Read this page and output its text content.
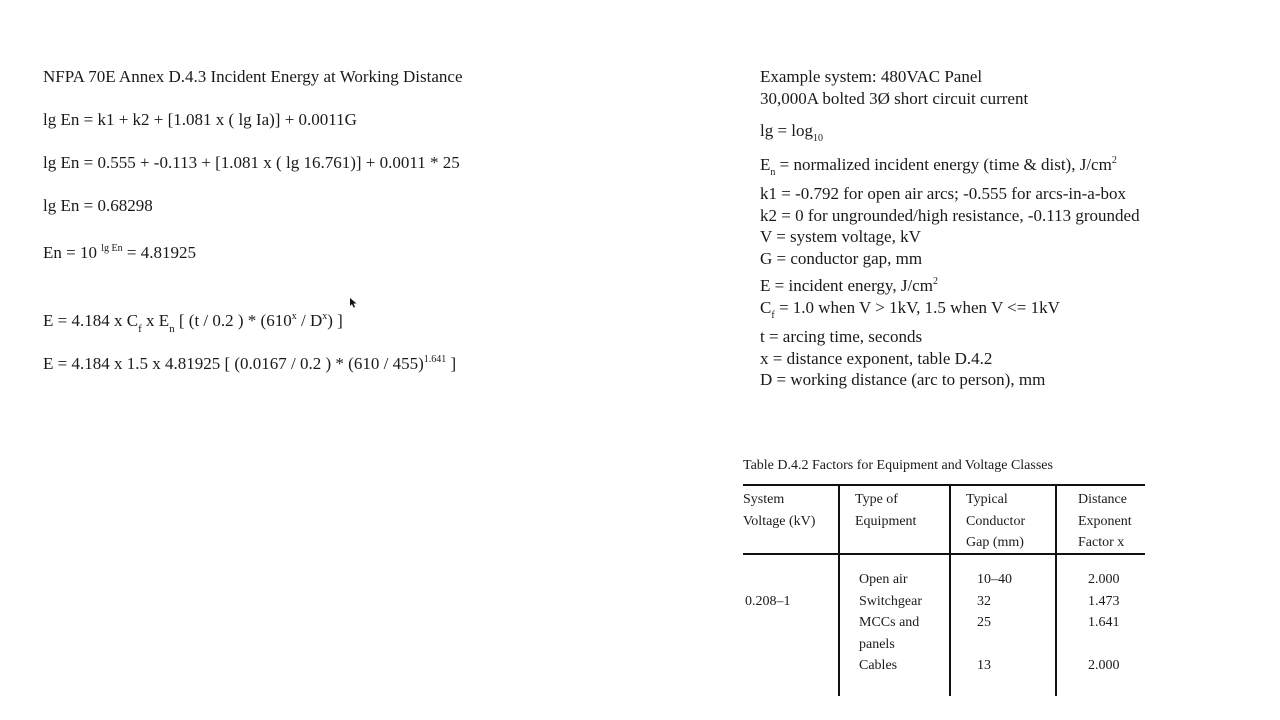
NFPA 70E Annex D.4.3 Incident Energy at Working Distance
lg En = k1 + k2 + [1.081 x ( lg Ia)] + 0.0011G
lg En = 0.555 + -0.113 + [1.081 x ( lg 16.761)] + 0.0011 * 25
lg En = 0.68298
En = 10 $^{lg En}$ = 4.81925
E = 4.184 x $C_f$ x $E_n$ [ (t / 0.2 ) * $(610^x / D^x)$ ]
E = 4.184 x 1.5 x 4.81925 [ (0.0167 / 0.2 ) * (610 / 455)$^{1.641}$ ]
Example system: 480VAC Panel
30,000A bolted 3Ø short circuit current
$\lg = \log_{10}$
$E_n$ = normalized incident energy (time & dist), $J/cm^2$
k1 = -0.792 for open air arcs; -0.555 for arcs-in-a-box
k2 = 0 for ungrounded/high resistance, -0.113 grounded
V = system voltage, kV
G = conductor gap, mm
E = incident energy, $J/cm^2$
$C_f = 1.0$ when V > 1kV, 1.5 when V <= 1kV
t = arcing time, seconds
x = distance exponent, table D.4.2
D = working distance (arc to person), mm
Table D.4.2 Factors for Equipment and Voltage Classes
System
Voltage (kV)
Type of
Equipment
Typical
Conductor
Gap (mm)
Distance
Exponent
Factor x
0.208–1
Open air
Switchgear
MCCs and
panels
Cables
10–40
32
25
13
2.000
1.473
1.641
2.000
